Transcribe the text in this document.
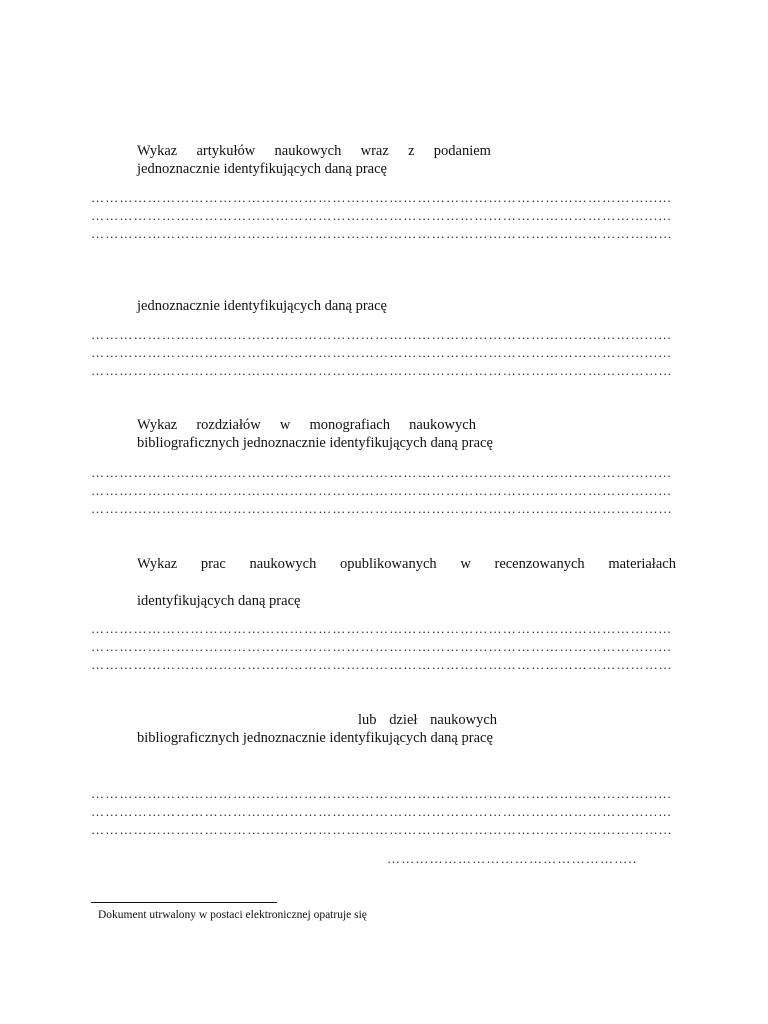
Wykaz artykułów naukowych wraz z podaniem
jednoznacznie identyfikujących daną pracę
………………………………………………………………………………………………………...…
………………………………………………………………………………………………………...…
…………………………………………………………………………………………………………...
jednoznacznie identyfikujących daną pracę
………………………………………………………………………………………………………...…
………………………………………………………………………………………………………...…
…………………………………………………………………………………………………………...
Wykaz rozdziałów w monografiach naukowych
bibliograficznych jednoznacznie identyfikujących daną pracę
………………………………………………………………………………………………………...…
………………………………………………………………………………………………………...…
…………………………………………………………………………………………………………...
Wykaz prac naukowych opublikowanych w recenzowanych materiałach
identyfikujących daną pracę
………………………………………………………………………………………………………...…
………………………………………………………………………………………………………...…
…………………………………………………………………………………………………………...
lub dzieł naukowych
bibliograficznych jednoznacznie identyfikujących daną pracę
………………………………………………………………………………………………………...…
………………………………………………………………………………………………………...…
…………………………………………………………………………………………………………...
……………………………………………..
Dokument utrwalony w postaci elektronicznej opatruje się
